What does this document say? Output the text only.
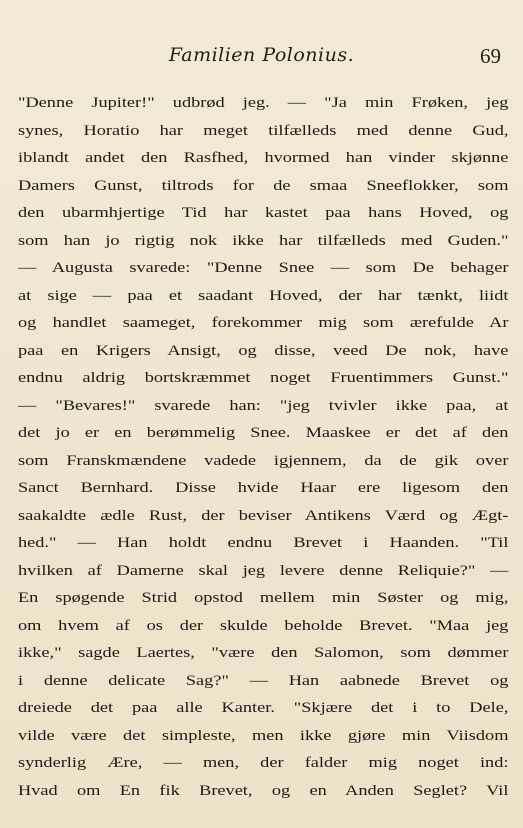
Familien Polonius.	69
"Denne Jupiter!" udbrød jeg. — "Ja min Frøken, jeg
synes, Horatio har meget tilfælleds med denne Gud,
iblandt andet den Rasfhed, hvormed han vinder skjønne
Damers Gunst, tiltrods for de smaa Sneeflokker, som
den ubarmhjertige Tid har kastet paa hans Hoved, og
som han jo rigtig nok ikke har tilfælleds med Guden."
— Augusta svarede: "Denne Snee — som De behager
at sige — paa et saadant Hoved, der har tænkt, liidt
og handlet saameget, forekommer mig som ærefulde Ar
paa en Krigers Ansigt, og disse, veed De nok, have
endnu aldrig bortskræmmet noget Fruentimmers Gunst."
— "Bevares!" svarede han: "jeg tvivler ikke paa, at
det jo er en berømmelig Snee. Maaskee er det af den
som Franskmændene vadede igjennem, da de gik over
Sanct Bernhard. Disse hvide Haar ere ligesom den
saakaldte ædle Rust, der beviser Antikens Værd og Ægt-
hed." — Han holdt endnu Brevet i Haanden. "Til
hvilken af Damerne skal jeg levere denne Reliquie?" —
En spøgende Strid opstod mellem min Søster og mig,
om hvem af os der skulde beholde Brevet. "Maa jeg
ikke," sagde Laertes, "være den Salomon, som dømmer
i denne delicate Sag?" — Han aabnede Brevet og
dreiede det paa alle Kanter. "Skjære det i to Dele,
vilde være det simpleste, men ikke gjøre min Viisdom
synderlig Ære, — men, der falder mig noget ind:
Hvad om En fik Brevet, og en Anden Seglet? Vil
